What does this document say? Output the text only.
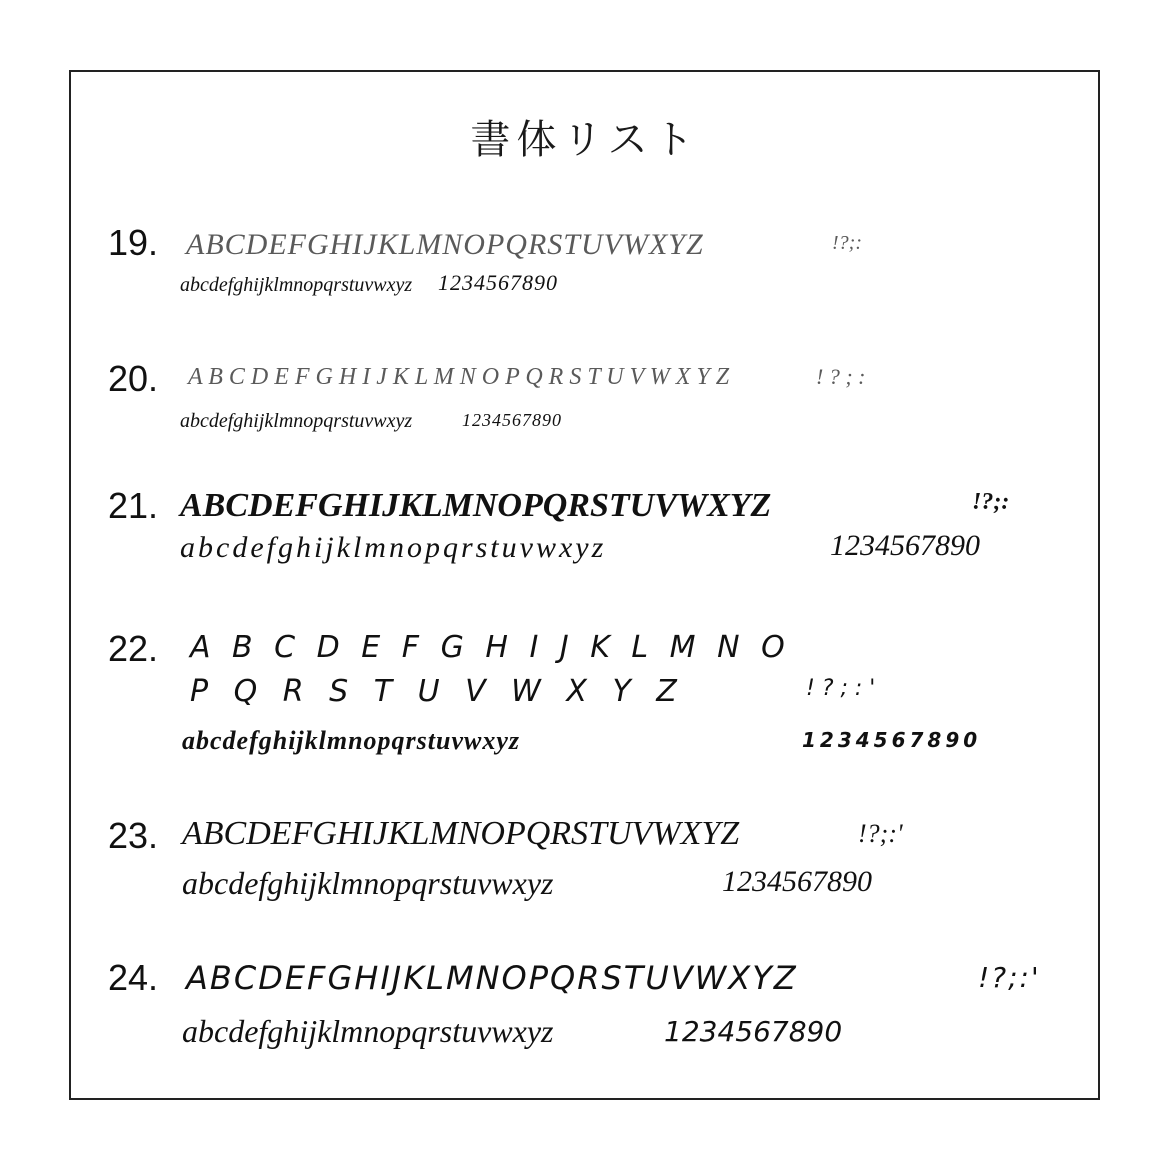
書体リスト
19. ABCDEFGHIJKLMNOPQRSTUVWXYZ	!?;:
abcdefghijklmnopqrstuvwxyz 1234567890
20. A B C D E F G H I J K L M N O P Q R S T U V W X Y Z	! ? ; :
abcdefghijklmnopqrstuvwxyz	1234567890
21. ABCDEFGHIJKLMNOPQRSTUVWXYZ	!?;:
abcdefghijklmnopqrstuvwxyz	1234567890
22. A B C D E F G H I J K L M N O
P Q R S T U V W X Y Z	! ? ; : '
abcdefghijklmnopqrstuvwxyz	1234567890
23. ABCDEFGHIJKLMNOPQRSTUVWXYZ	!?;:'
abcdefghijklmnopqrstuvwxyz	1234567890
24. ABCDEFGHIJKLMNOPQRSTUVWXYZ	!?;:'
abcdefghijklmnopqrstuvwxyz	1234567890
